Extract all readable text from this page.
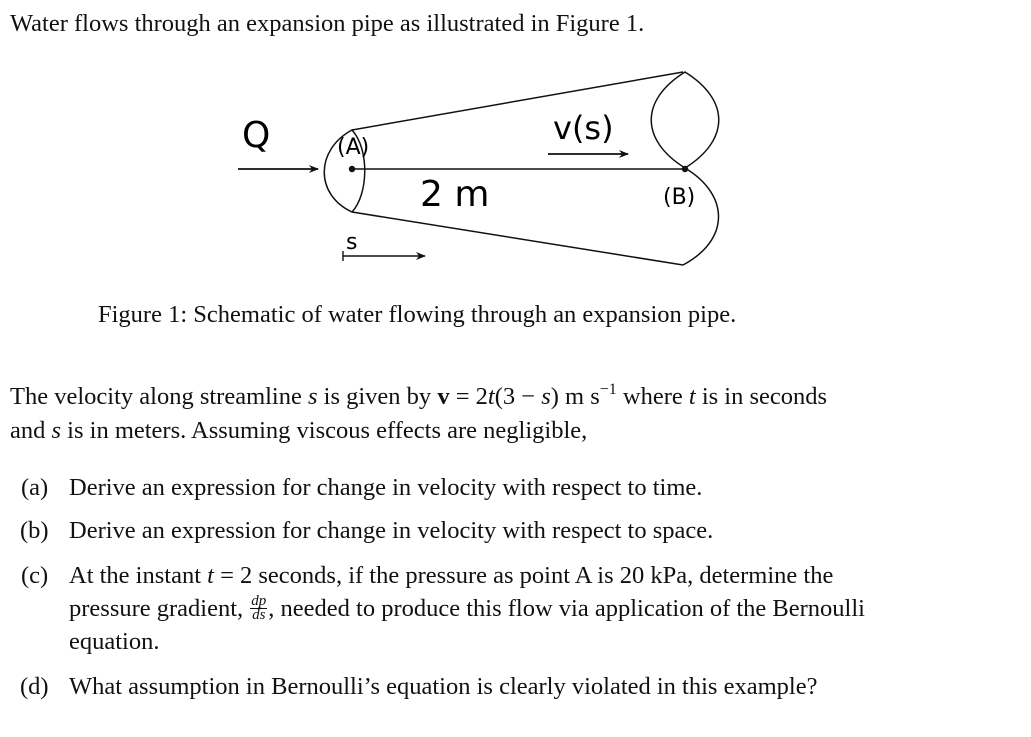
Water flows through an expansion pipe as illustrated in Figure 1.
Q	(A)
v(s)
2 m	(B)
s
Figure 1: Schematic of water flowing through an expansion pipe.
The velocity along streamline s is given by v = 2t(3 − s) m $s^{-1}$ where t is in seconds
and s is in meters. Assuming viscous effects are negligible,
(a) Derive an expression for change in velocity with respect to time.
(b) Derive an expression for change in velocity with respect to space.
(c) At the instant t = 2 seconds, if the pressure as point A is 20 kPa, determine the
pressure gradient, $\frac{dp}{ds}$ , needed to produce this flow via application of the Bernoulli
equation.
(d) What assumption in Bernoulli’s equation is clearly violated in this example?
